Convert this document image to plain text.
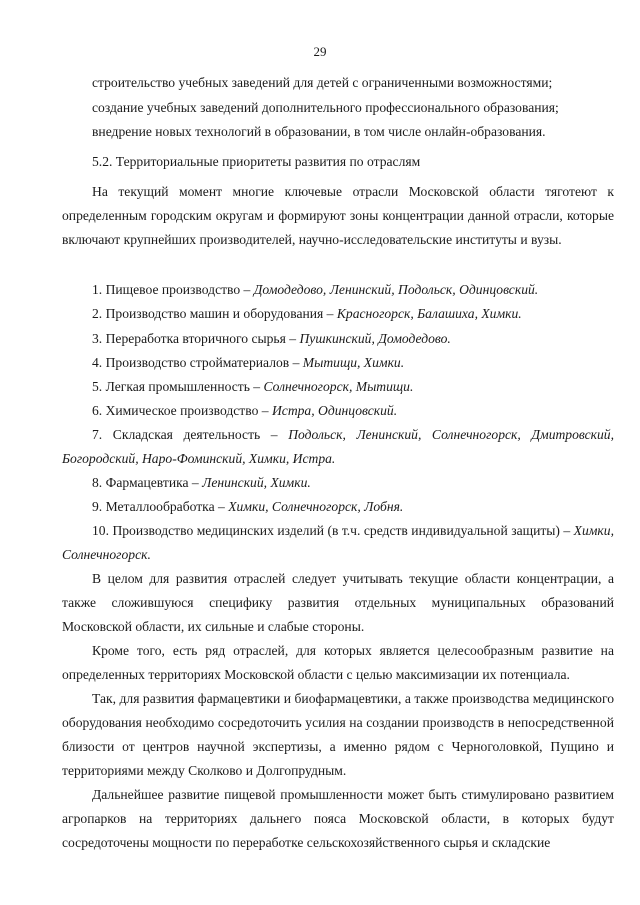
29
строительство учебных заведений для детей с ограниченными возможностями;
создание учебных заведений дополнительного профессионального образования;
внедрение новых технологий в образовании, в том числе онлайн-образования.
5.2. Территориальные приоритеты развития по отраслям
На текущий момент многие ключевые отрасли Московской области тяготеют к определенным городским округам и формируют зоны концентрации данной отрасли, которые включают крупнейших производителей, научно-исследовательские институты и вузы.
1. Пищевое производство – Домодедово, Ленинский, Подольск, Одинцовский.
2. Производство машин и оборудования – Красногорск, Балашиха, Химки.
3. Переработка вторичного сырья – Пушкинский, Домодедово.
4. Производство стройматериалов – Мытищи, Химки.
5. Легкая промышленность – Солнечногорск, Мытищи.
6. Химическое производство – Истра, Одинцовский.
7. Складская деятельность – Подольск, Ленинский, Солнечногорск, Дмитровский, Богородский, Наро-Фоминский, Химки, Истра.
8. Фармацевтика – Ленинский, Химки.
9. Металлообработка – Химки, Солнечногорск, Лобня.
10. Производство медицинских изделий (в т.ч. средств индивидуальной защиты) – Химки, Солнечногорск.
В целом для развития отраслей следует учитывать текущие области концентрации, а также сложившуюся специфику развития отдельных муниципальных образований Московской области, их сильные и слабые стороны.
Кроме того, есть ряд отраслей, для которых является целесообразным развитие на определенных территориях Московской области с целью максимизации их потенциала.
Так, для развития фармацевтики и биофармацевтики, а также производства медицинского оборудования необходимо сосредоточить усилия на создании производств в непосредственной близости от центров научной экспертизы, а именно рядом с Черноголовкой, Пущино и территориями между Сколково и Долгопрудным.
Дальнейшее развитие пищевой промышленности может быть стимулировано развитием агропарков на территориях дальнего пояса Московской области, в которых будут сосредоточены мощности по переработке сельскохозяйственного сырья и складские
